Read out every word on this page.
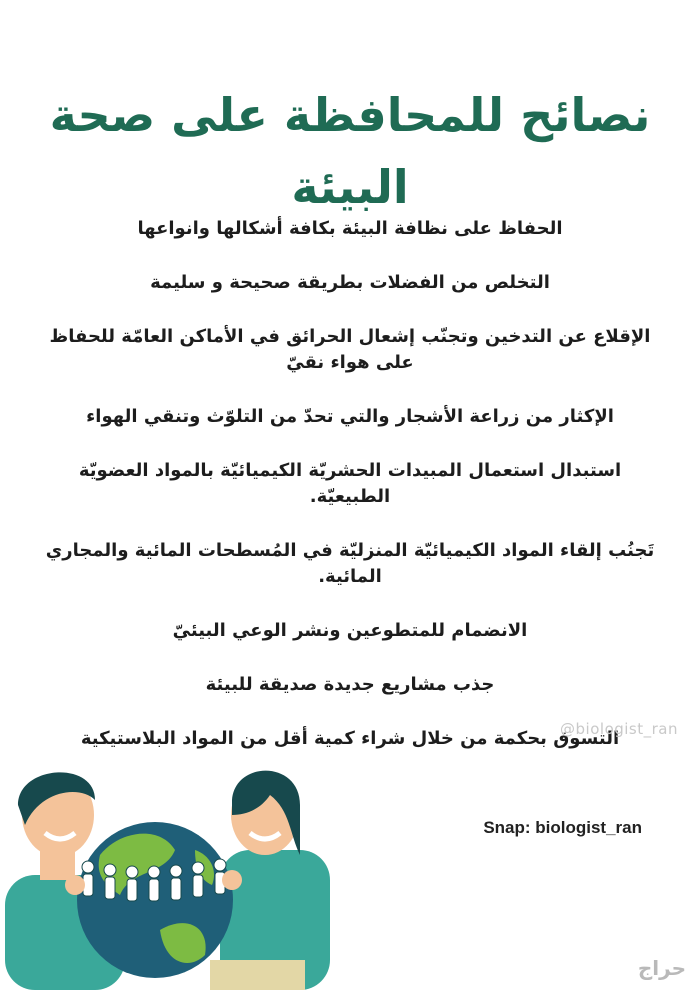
نصائح للمحافظة على صحة البيئة

الحفاظ على نظافة البيئة بكافة أشكالها وانواعها

التخلص من الفضلات بطريقة صحيحة و سليمة

الإقلاع عن التدخين وتجنّب إشعال الحرائق في الأماكن العامّة للحفاظ على هواء نقيّ

الإكثار من زراعة الأشجار والتي تحدّ من التلوّث وتنقي الهواء

استبدال استعمال المبيدات الحشريّة الكيميائيّة بالمواد العضويّة الطبيعيّة.

تَجنُب إلقاء المواد الكيميائيّة المنزليّة في المُسطحات المائية والمجاري المائية.

الانضمام للمتطوعين ونشر الوعي البيئيّ

جذب مشاريع جديدة صديقة للبيئة

التسوق بحكمة من خلال شراء كمية أقل من المواد البلاستيكية

@biologist_ran
Snap: biologist_ran
حراج
